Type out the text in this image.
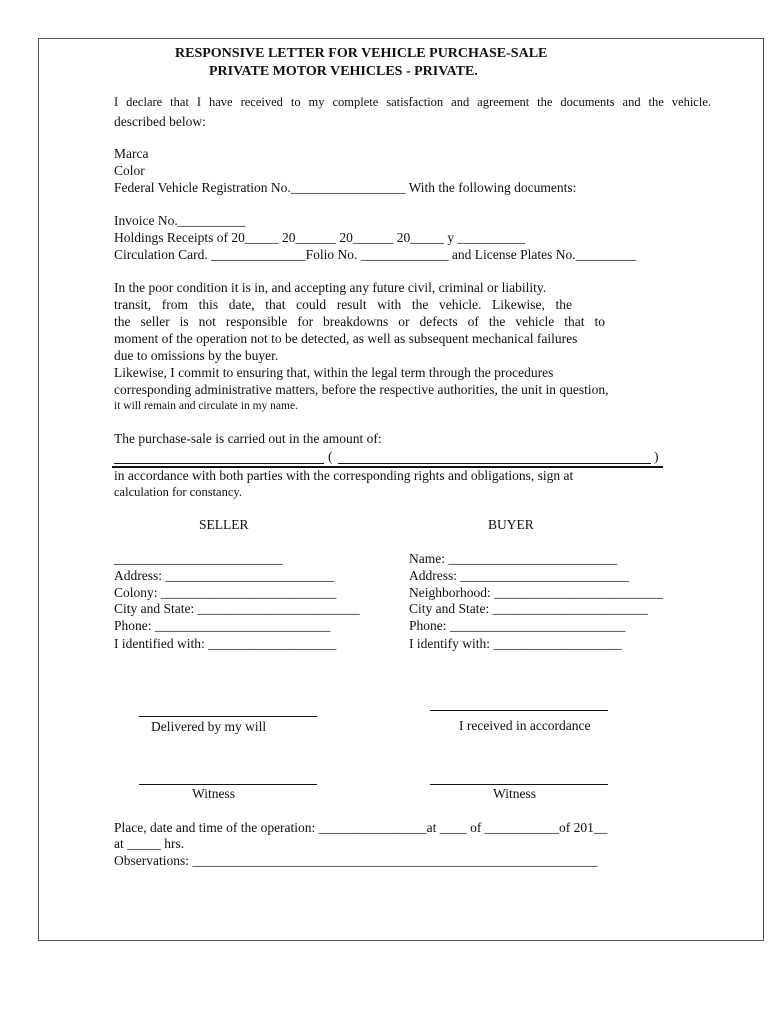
RESPONSIVE LETTER FOR VEHICLE PURCHASE-SALE
PRIVATE MOTOR VEHICLES - PRIVATE.
I declare that I have received to my complete satisfaction and agreement the documents and the vehicle.
described below:
Marca
Color
Federal Vehicle Registration No._________________ With the following documents:
Invoice No.__________
Holdings Receipts of 20_____ 20______ 20______ 20_____ y __________
Circulation Card. ______________Folio No. _____________ and License Plates No._________
In the poor condition it is in, and accepting any future civil, criminal or liability.
transit, from this date, that could result with the vehicle. Likewise, the
the seller is not responsible for breakdowns or defects of the vehicle that to
moment of the operation not to be detected, as well as subsequent mechanical failures
due to omissions by the buyer.
Likewise, I commit to ensuring that, within the legal term through the procedures
corresponding administrative matters, before the respective authorities, the unit in question,
it will remain and circulate in my name.
The purchase-sale is carried out in the amount of:
(	)
in accordance with both parties with the corresponding rights and obligations, sign at
calculation for constancy.
SELLER	BUYER
_________________________
Address: _________________________
Colony: __________________________
City and State: ________________________
Phone: __________________________
I identified with: ___________________
Name: _________________________
Address: _________________________
Neighborhood: _________________________
City and State: _______________________
Phone: __________________________
I identify with: ___________________
Delivered by my will	I received in accordance
Witness	Witness
Place, date and time of the operation: ________________at ____ of ___________of 201__
at _____ hrs.
Observations: ____________________________________________________________
